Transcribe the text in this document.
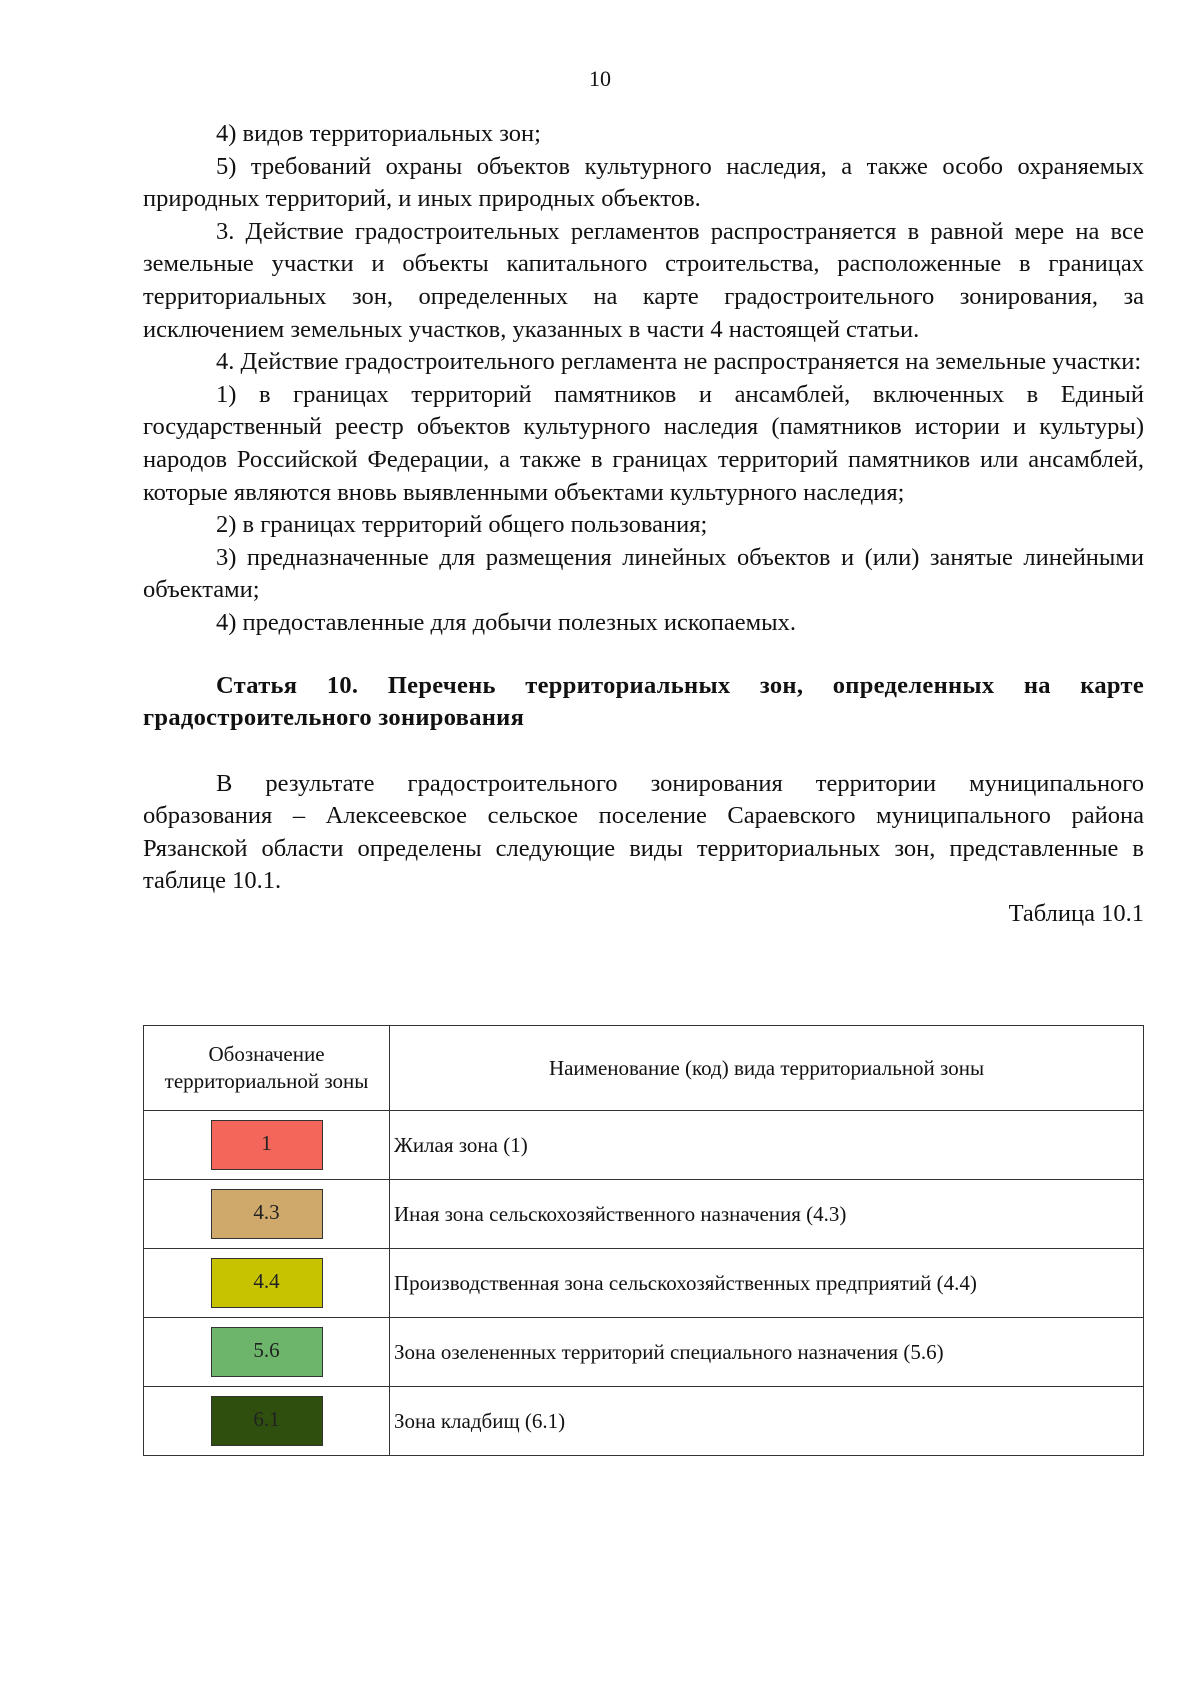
10

4) видов территориальных зон;

5) требований охраны объектов культурного наследия, а также особо охраняемых природных территорий, и иных природных объектов.

3. Действие градостроительных регламентов распространяется в равной мере на все земельные участки и объекты капитального строительства, расположенные в границах территориальных зон, определенных на карте градостроительного зонирования, за исключением земельных участков, указанных в части 4 настоящей статьи.

4. Действие градостроительного регламента не распространяется на земельные участки:

1) в границах территорий памятников и ансамблей, включенных в Единый государственный реестр объектов культурного наследия (памятников истории и культуры) народов Российской Федерации, а также в границах территорий памятников или ансамблей, которые являются вновь выявленными объектами культурного наследия;

2) в границах территорий общего пользования;

3) предназначенные для размещения линейных объектов и (или) занятые линейными объектами;

4) предоставленные для добычи полезных ископаемых.

Статья 10. Перечень территориальных зон, определенных на карте градостроительного зонирования

В результате градостроительного зонирования территории муниципального образования – Алексеевское сельское поселение Сараевского муниципального района Рязанской области определены следующие виды территориальных зон, представленные в таблице 10.1.

Таблица 10.1

Обозначение территориальной зоны	Наименование (код) вида территориальной зоны

1	Жилая зона (1)

4.3	Иная зона сельскохозяйственного назначения (4.3)

4.4	Производственная зона сельскохозяйственных предприятий (4.4)

5.6	Зона озелененных территорий специального назначения (5.6)

6.1	Зона кладбищ (6.1)
